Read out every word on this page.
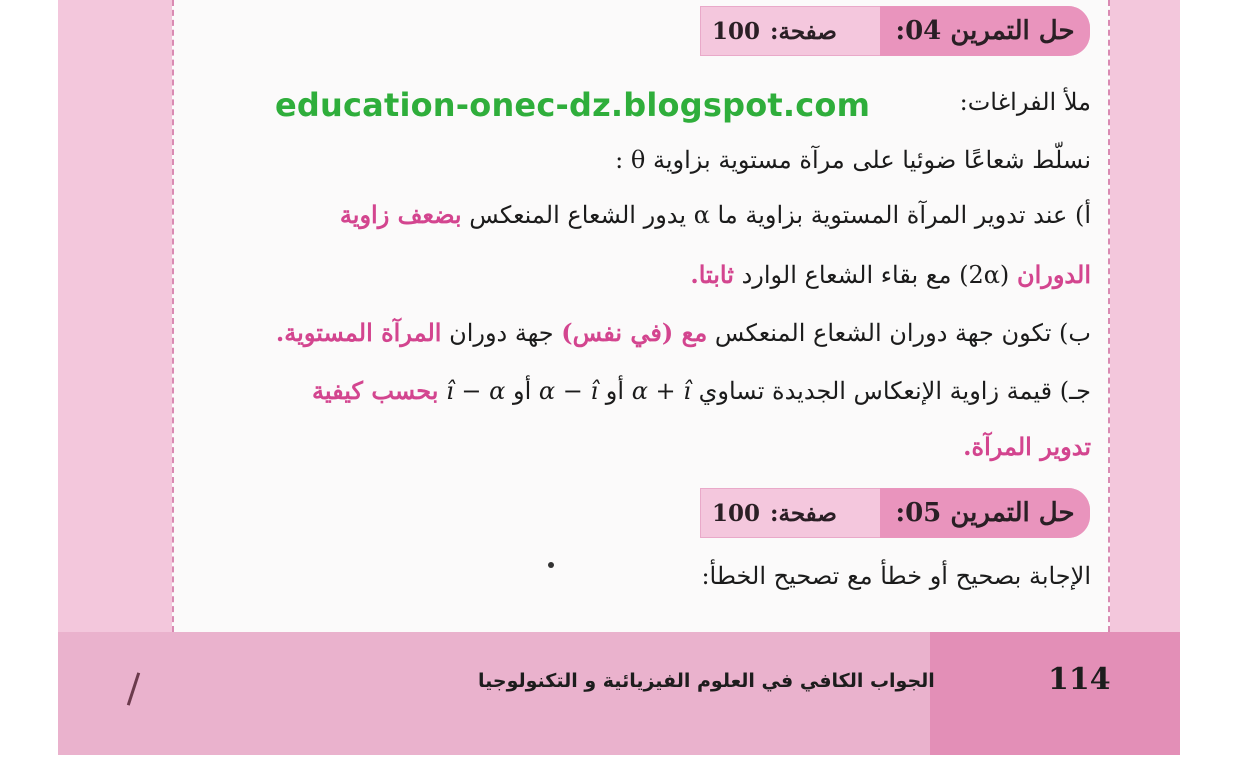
حل التمرين 04:
صفحة:
100
education-onec-dz.blogspot.com	ملأ الفراغات:
نسلّط شعاعًا ضوئيا على مرآة مستوية بزاوية θ :
أ) عند تدوير المرآة المستوية بزاوية ما α يدور الشعاع المنعكس بضعف زاوية
الدوران (2α) مع بقاء الشعاع الوارد ثابتا.
ب) تكون جهة دوران الشعاع المنعكس مع (في نفس) جهة دوران المرآة المستوية.
جـ) قيمة زاوية الإنعكاس الجديدة تساوي α + î أو α − î أو î − α بحسب كيفية
تدوير المرآة.
حل التمرين 05:
صفحة:
100
الإجابة بصحيح أو خطأ مع تصحيح الخطأ:
الجواب الكافي في العلوم الفيزيائية و التكنولوجيا	114
